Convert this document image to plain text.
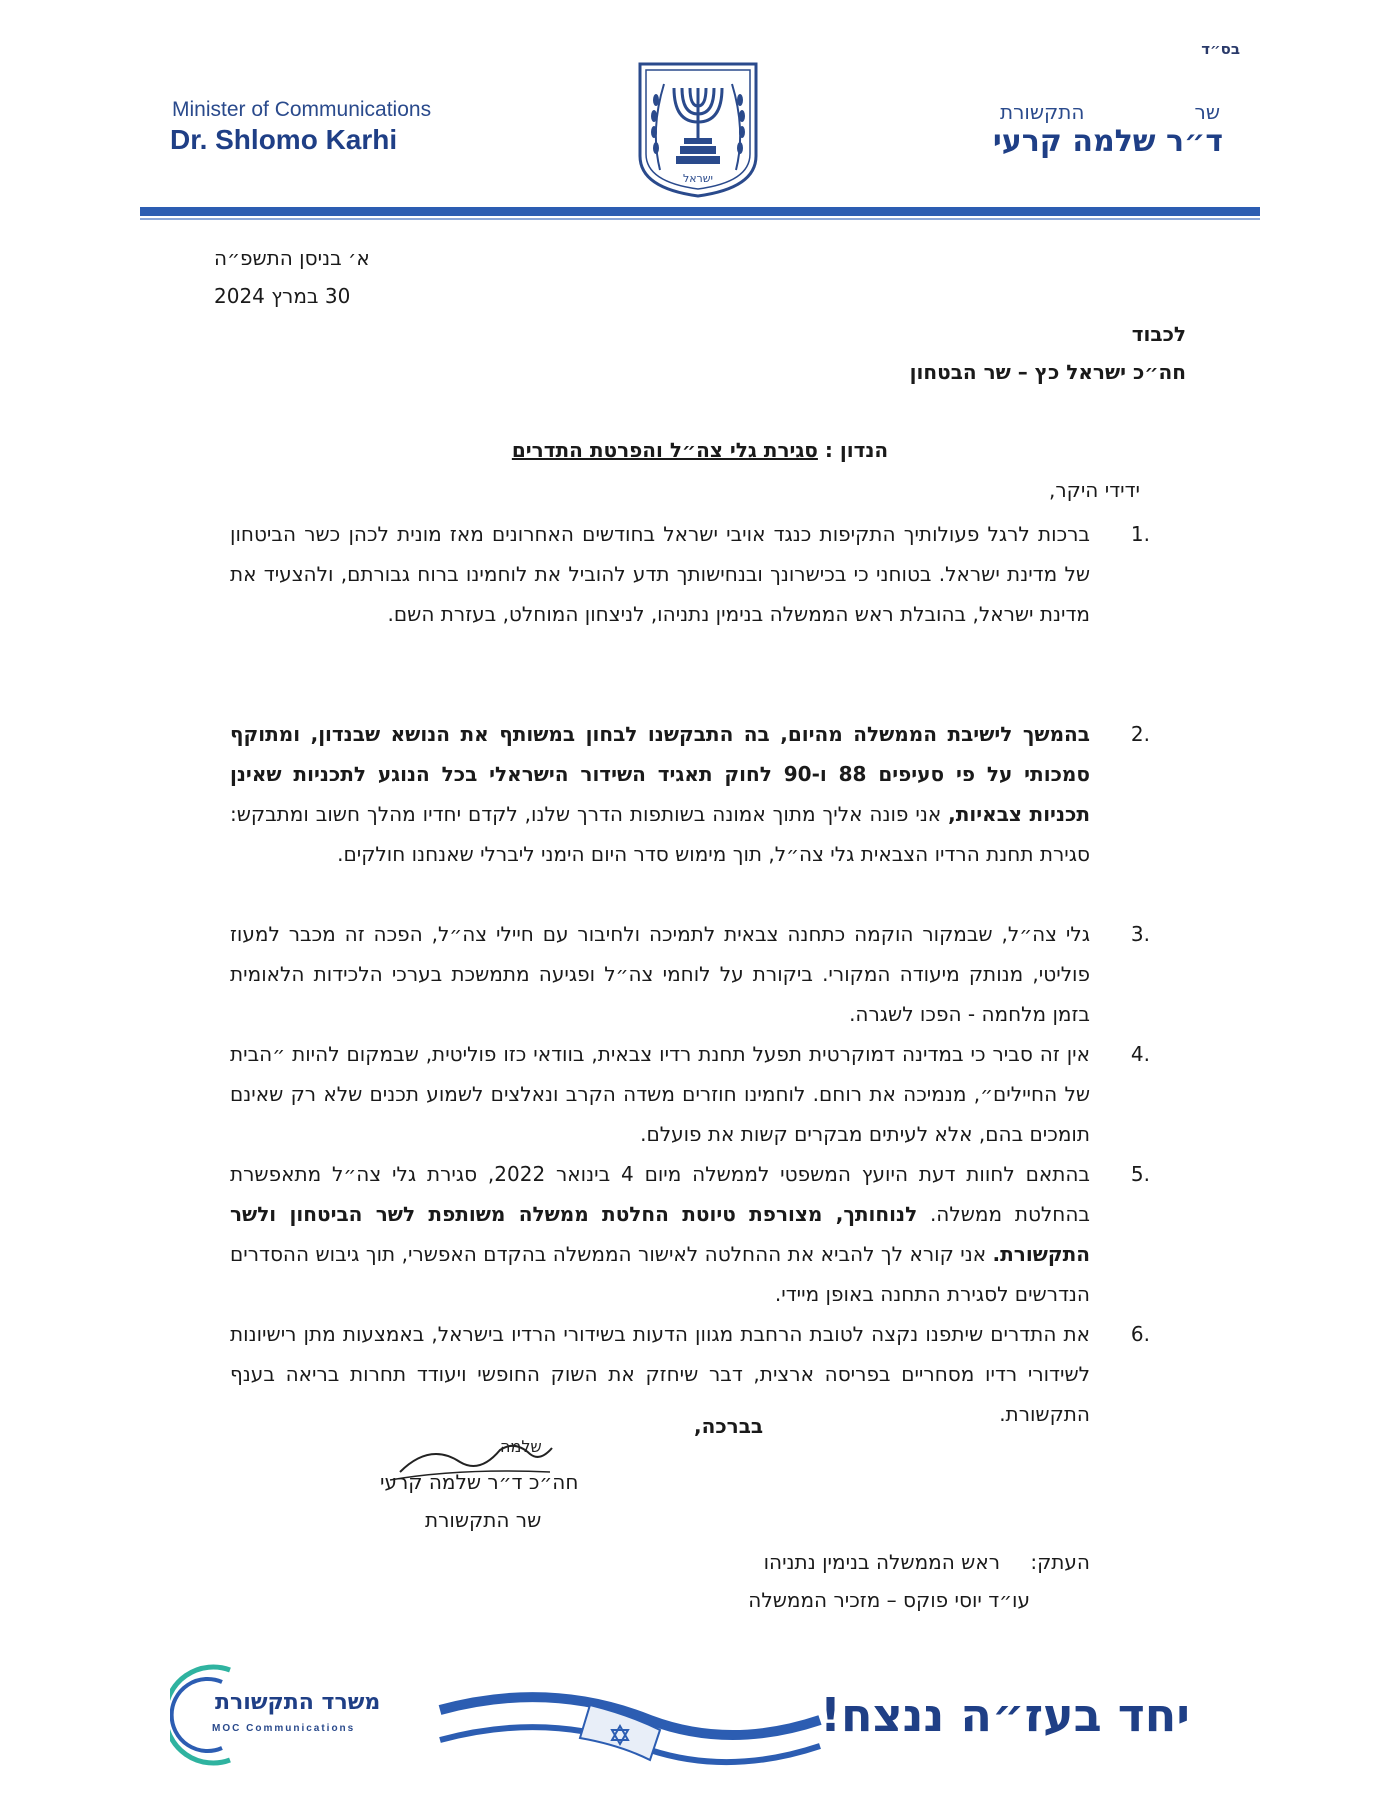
בס״ד
Minister of Communications
Dr. Shlomo Karhi
שר
התקשורת
ד״ר שלמה קרעי
ישראל
א׳ בניסן התשפ״ה
30 במרץ 2024
לכבוד
חה״כ ישראל כץ – שר הבטחון
הנדון : סגירת גלי צה״ל והפרטת התדרים
ידידי היקר,
.1
ברכות לרגל פעולותיך התקיפות כנגד אויבי ישראל בחודשים האחרונים מאז מונית לכהן כשר הביטחון של מדינת ישראל. בטוחני כי בכישרונך ובנחישותך תדע להוביל את לוחמינו ברוח גבורתם, ולהצעיד את מדינת ישראל, בהובלת ראש הממשלה בנימין נתניהו, לניצחון המוחלט, בעזרת השם.
.2
בהמשך לישיבת הממשלה מהיום, בה התבקשנו לבחון במשותף את הנושא שבנדון, ומתוקף סמכותי על פי סעיפים 88 ו-90 לחוק תאגיד השידור הישראלי בכל הנוגע לתכניות שאינן תכניות צבאיות, אני פונה אליך מתוך אמונה בשותפות הדרך שלנו, לקדם יחדיו מהלך חשוב ומתבקש: סגירת תחנת הרדיו הצבאית גלי צה״ל, תוך מימוש סדר היום הימני ליברלי שאנחנו חולקים.
.3
גלי צה״ל, שבמקור הוקמה כתחנה צבאית לתמיכה ולחיבור עם חיילי צה״ל, הפכה זה מכבר למעוז פוליטי, מנותק מיעודה המקורי. ביקורת על לוחמי צה״ל ופגיעה מתמשכת בערכי הלכידות הלאומית בזמן מלחמה - הפכו לשגרה.
.4
אין זה סביר כי במדינה דמוקרטית תפעל תחנת רדיו צבאית, בוודאי כזו פוליטית, שבמקום להיות ״הבית של החיילים״, מנמיכה את רוחם. לוחמינו חוזרים משדה הקרב ונאלצים לשמוע תכנים שלא רק שאינם תומכים בהם, אלא לעיתים מבקרים קשות את פועלם.
.5
בהתאם לחוות דעת היועץ המשפטי לממשלה מיום 4 בינואר 2022, סגירת גלי צה״ל מתאפשרת בהחלטת ממשלה. לנוחותך, מצורפת טיוטת החלטת ממשלה משותפת לשר הביטחון ולשר התקשורת. אני קורא לך להביא את ההחלטה לאישור הממשלה בהקדם האפשרי, תוך גיבוש ההסדרים הנדרשים לסגירת התחנה באופן מיידי.
.6
את התדרים שיתפנו נקצה לטובת הרחבת מגוון הדעות בשידורי הרדיו בישראל, באמצעות מתן רישיונות לשידורי רדיו מסחריים בפריסה ארצית, דבר שיחזק את השוק החופשי ויעודד תחרות בריאה בענף התקשורת.
בברכה,
שלמה
חה״כ ד״ר שלמה קרעי
שר התקשורת
העתק:
ראש הממשלה בנימין נתניהו
עו״ד יוסי פוקס – מזכיר הממשלה
משרד התקשורת
MOC Communications	יחד בעז״ה ננצח!
